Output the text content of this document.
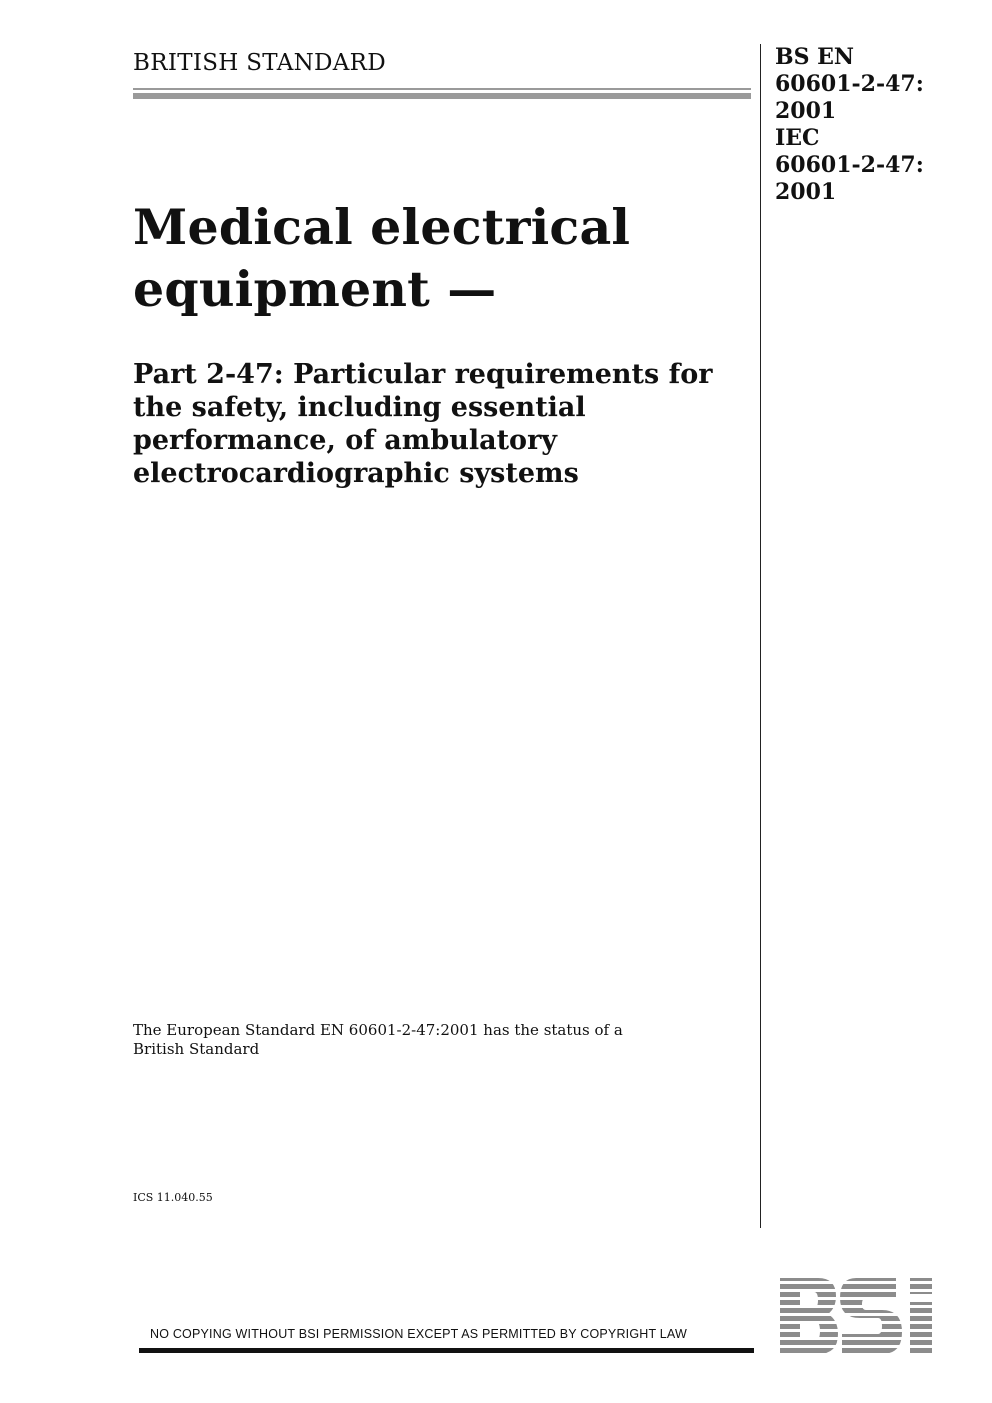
BRITISH STANDARD	BS EN
60601-2-47:
2001
IEC
60601-2-47:
2001
Medical electrical
equipment —
Part 2-47: Particular requirements for
the safety, including essential
performance, of ambulatory
electrocardiographic systems
The European Standard EN 60601-2-47:2001 has the status of a
British Standard
ICS 11.040.55
NO COPYING WITHOUT BSI PERMISSION EXCEPT AS PERMITTED BY COPYRIGHT LAW
